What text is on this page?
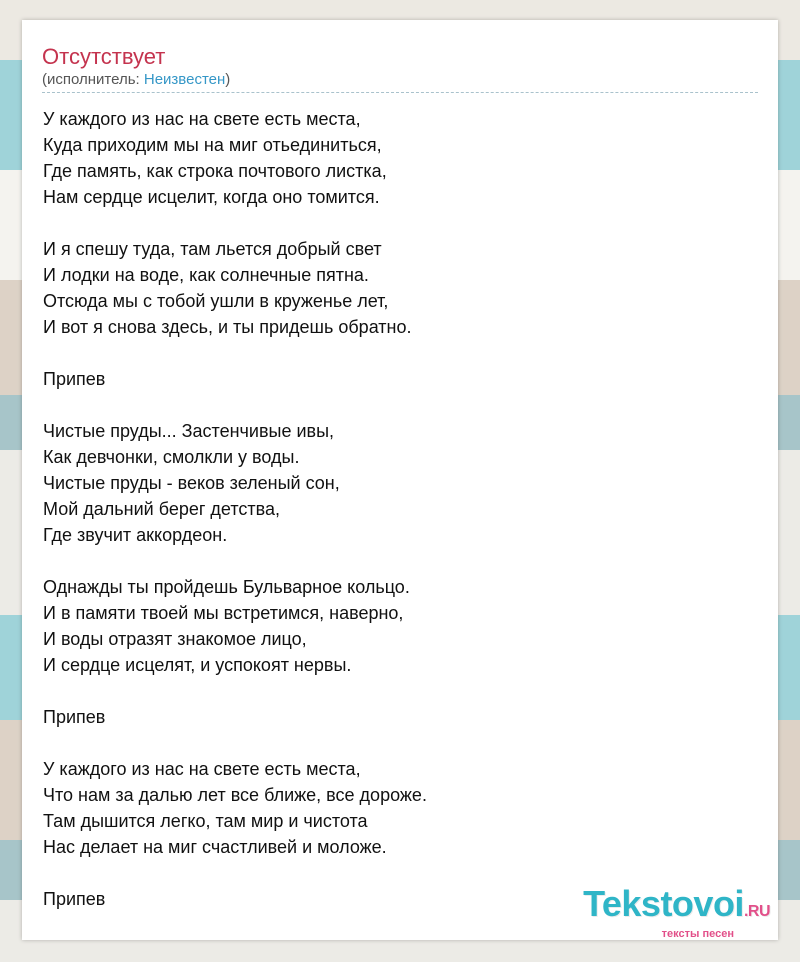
Отсутствует
(исполнитель: Неизвестен)
У каждого из нас на свете есть места,
Куда приходим мы на миг отьединиться,
Где память, как строка почтового листка,
Нам сердце исцелит, когда оно томится.
И я спешу туда, там льется добрый свет
И лодки на воде, как солнечные пятна.
Отсюда мы с тобой ушли в круженье лет,
И вот я снова здесь, и ты придешь обратно.
Припев
Чистые пруды... Застенчивые ивы,
Как девчонки, смолкли у воды.
Чистые пруды - веков зеленый сон,
Мой дальний берег детства,
Где звучит аккордеон.
Однажды ты пройдешь Бульварное кольцо.
И в памяти твоей мы встретимся, наверно,
И воды отразят знакомое лицо,
И сердце исцелят, и успокоят нервы.
Припев
У каждого из нас на свете есть места,
Что нам за далью лет все ближе, все дороже.
Там дышится легко, там мир и чистота
Нас делает на миг счастливей и моложе.
Припев	Tekstovoi.RU
тексты песен
